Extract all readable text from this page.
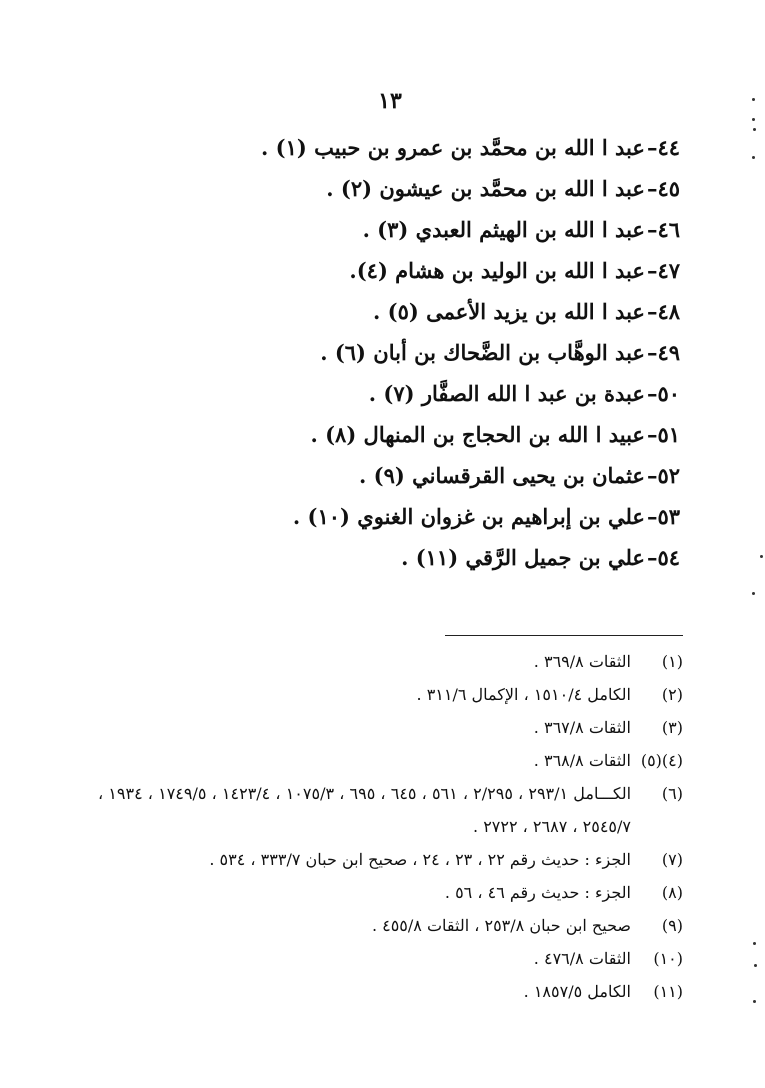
١٣
٤٤–عبد ا الله بن محمَّد بن عمرو بن حبيب (١) .
٤٥–عبد ا الله بن محمَّد بن عيشون (٢) .
٤٦–عبد ا الله بن الهيثم العبدي (٣) .
٤٧–عبد ا الله بن الوليد بن هشام (٤).
٤٨–عبد ا الله بن يزيد الأعمى (٥) .
٤٩–عبد الوهَّاب بن الضَّحاك بن أبان (٦) .
٥٠–عبدة بن عبد ا الله الصفَّار (٧) .
٥١–عبيد ا الله بن الحجاج بن المنهال (٨) .
٥٢–عثمان بن يحيى القرقساني (٩) .
٥٣–علي بن إبراهيم بن غزوان الغنوي (١٠) .
٥٤–علي بن جميل الرَّقي (١١) .
(١)
الثقات ٣٦٩/٨ .
(٢)
الكامل ١٥١٠/٤ ، الإكمال ٣١١/٦ .
(٣)
الثقات ٣٦٧/٨ .
(٤)(٥)
الثقات ٣٦٨/٨ .
(٦)
الكـــامل ٢٩٣/١ ، ٢/٢٩٥ ، ٥٦١ ، ٦٤٥ ، ٦٩٥ ، ١٠٧٥/٣ ، ١٤٢٣/٤ ، ١٧٤٩/٥ ، ١٩٣٤ ، ٢٥٤٥/٧ ، ٢٦٨٧ ، ٢٧٢٢ .
(٧)
الجزء : حديث رقم ٢٢ ، ٢٣ ، ٢٤ ، صحيح ابن حبان ٣٣٣/٧ ، ٥٣٤ .
(٨)
الجزء : حديث رقم ٤٦ ، ٥٦ .
(٩)
صحيح ابن حبان ٢٥٣/٨ ، الثقات ٤٥٥/٨ .
(١٠)
الثقات ٤٧٦/٨ .
(١١)
الكامل ١٨٥٧/٥ .
